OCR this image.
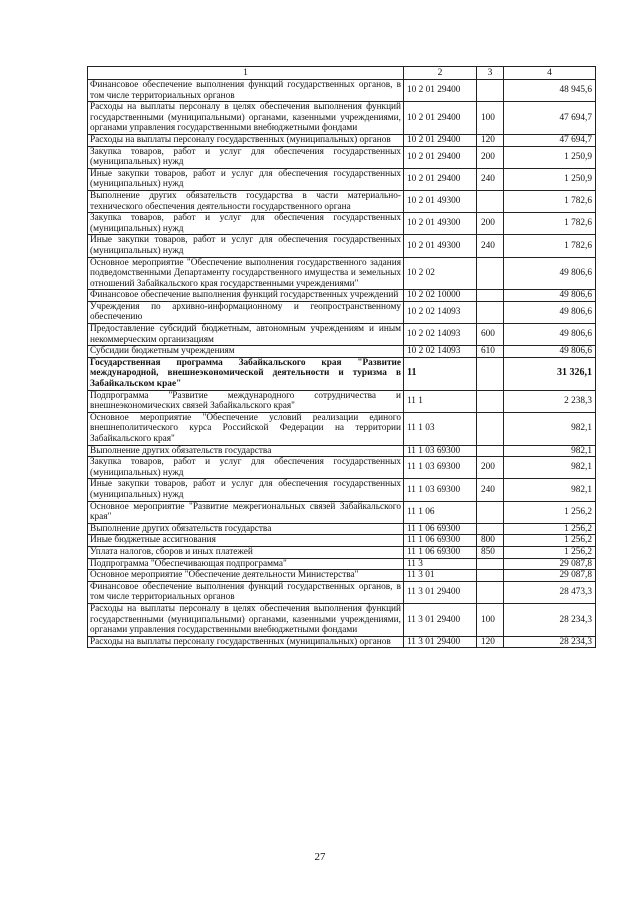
1	2	3	4
Финансовое обеспечение выполнения функций государственных органов, в том числе территориальных органов	10 2 01 29400		48 945,6
Расходы на выплаты персоналу в целях обеспечения выполнения функций государственными (муниципальными) органами, казенными учреждениями, органами управления государственными внебюджетными фондами	10 2 01 29400	100	47 694,7
Расходы на выплаты персоналу государственных (муниципальных) органов	10 2 01 29400	120	47 694,7
Закупка товаров, работ и услуг для обеспечения государственных (муниципальных) нужд	10 2 01 29400	200	1 250,9
Иные закупки товаров, работ и услуг для обеспечения государственных (муниципальных) нужд	10 2 01 29400	240	1 250,9
Выполнение других обязательств государства в части материально-технического обеспечения деятельности государственного органа	10 2 01 49300		1 782,6
Закупка товаров, работ и услуг для обеспечения государственных (муниципальных) нужд	10 2 01 49300	200	1 782,6
Иные закупки товаров, работ и услуг для обеспечения государственных (муниципальных) нужд	10 2 01 49300	240	1 782,6
Основное мероприятие "Обеспечение выполнения государственного задания подведомственными Департаменту государственного имущества и земельных отношений Забайкальского края государственными учреждениями"	10 2 02		49 806,6
Финансовое обеспечение выполнения функций государственных учреждений	10 2 02 10000		49 806,6
Учреждения по архивно-информационному и геопространственному обеспечению	10 2 02 14093		49 806,6
Предоставление субсидий бюджетным, автономным учреждениям и иным некоммерческим организациям	10 2 02 14093	600	49 806,6
Субсидии бюджетным учреждениям	10 2 02 14093	610	49 806,6
Государственная программа Забайкальского края "Развитие международной, внешнеэкономической деятельности и туризма в Забайкальском крае"	11		31 326,1
Подпрограмма "Развитие международного сотрудничества и внешнеэкономических связей Забайкальского края"	11 1		2 238,3
Основное мероприятие "Обеспечение условий реализации единого внешнеполитического курса Российской Федерации на территории Забайкальского края"	11 1 03		982,1
Выполнение других обязательств государства	11 1 03 69300		982,1
Закупка товаров, работ и услуг для обеспечения государственных (муниципальных) нужд	11 1 03 69300	200	982,1
Иные закупки товаров, работ и услуг для обеспечения государственных (муниципальных) нужд	11 1 03 69300	240	982,1
Основное мероприятие "Развитие межрегиональных связей Забайкальского края"	11 1 06		1 256,2
Выполнение других обязательств государства	11 1 06 69300		1 256,2
Иные бюджетные ассигнования	11 1 06 69300	800	1 256,2
Уплата налогов, сборов и иных платежей	11 1 06 69300	850	1 256,2
Подпрограмма "Обеспечивающая подпрограмма"	11 3		29 087,8
Основное мероприятие "Обеспечение деятельности Министерства"	11 3 01		29 087,8
Финансовое обеспечение выполнения функций государственных органов, в том числе территориальных органов	11 3 01 29400		28 473,3
Расходы на выплаты персоналу в целях обеспечения выполнения функций государственными (муниципальными) органами, казенными учреждениями, органами управления государственными внебюджетными фондами	11 3 01 29400	100	28 234,3
Расходы на выплаты персоналу государственных (муниципальных) органов	11 3 01 29400	120	28 234,3
27
